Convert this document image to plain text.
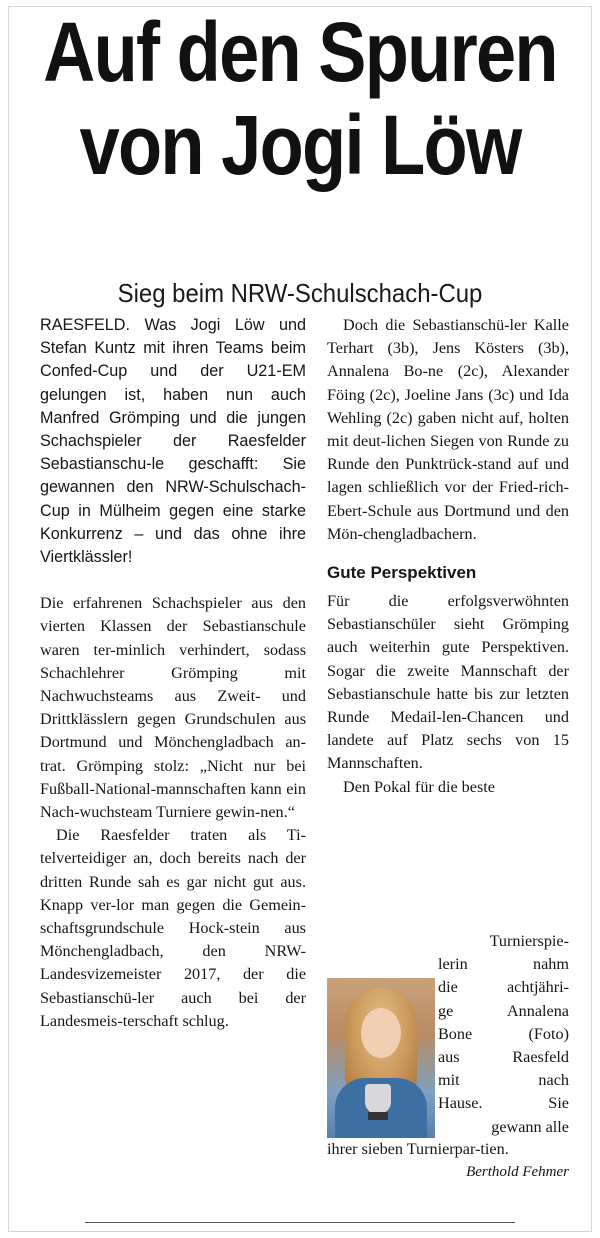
Auf den Spuren von Jogi Löw
Sieg beim NRW-Schulschach-Cup

RAESFELD. Was Jogi Löw und Stefan Kuntz mit ihren Teams beim Confed-Cup und der U21-EM gelungen ist, haben nun auch Manfred Grömping und die jungen Schachspieler der Raesfelder Sebastianschu-le geschafft: Sie gewannen den NRW-Schulschach-Cup in Mülheim gegen eine starke Konkurrenz – und das ohne ihre Viertklässler!

Die erfahrenen Schachspieler aus den vierten Klassen der Sebastianschule waren ter-minlich verhindert, sodass Schachlehrer Grömping mit Nachwuchsteams aus Zweit- und Drittklässlern gegen Grundschulen aus Dortmund und Mönchengladbach an-trat. Grömping stolz: „Nicht nur bei Fußball-National-mannschaften kann ein Nach-wuchsteam Turniere gewin-nen.“

Die Raesfelder traten als Ti-telverteidiger an, doch bereits nach der dritten Runde sah es gar nicht gut aus. Knapp ver-lor man gegen die Gemein-schaftsgrundschule Hock-stein aus Mönchengladbach, den NRW-Landesvizemeister 2017, der die Sebastianschü-ler auch bei der Landesmeis-terschaft schlug.

Doch die Sebastianschü-ler Kalle Terhart (3b), Jens Kösters (3b), Annalena Bo-ne (2c), Alexander Föing (2c), Joeline Jans (3c) und Ida Wehling (2c) gaben nicht auf, holten mit deut-lichen Siegen von Runde zu Runde den Punktrück-stand auf und lagen schließlich vor der Fried-rich-Ebert-Schule aus Dortmund und den Mön-chengladbachern.

Gute Perspektiven

Für die erfolgsverwöhnten Sebastianschüler sieht Grömping auch weiterhin gute Perspektiven. Sogar die zweite Mannschaft der Sebastianschule hatte bis zur letzten Runde Medail-len-Chancen und landete auf Platz sechs von 15 Mannschaften.

Den Pokal für die beste

Turnierspie-
lerin nahm
die achtjähri-
ge Annalena
Bone (Foto)
aus Raesfeld
mit nach
Hause. Sie
gewann alle
ihrer sieben Turnierpar-tien.
Berthold Fehmer
